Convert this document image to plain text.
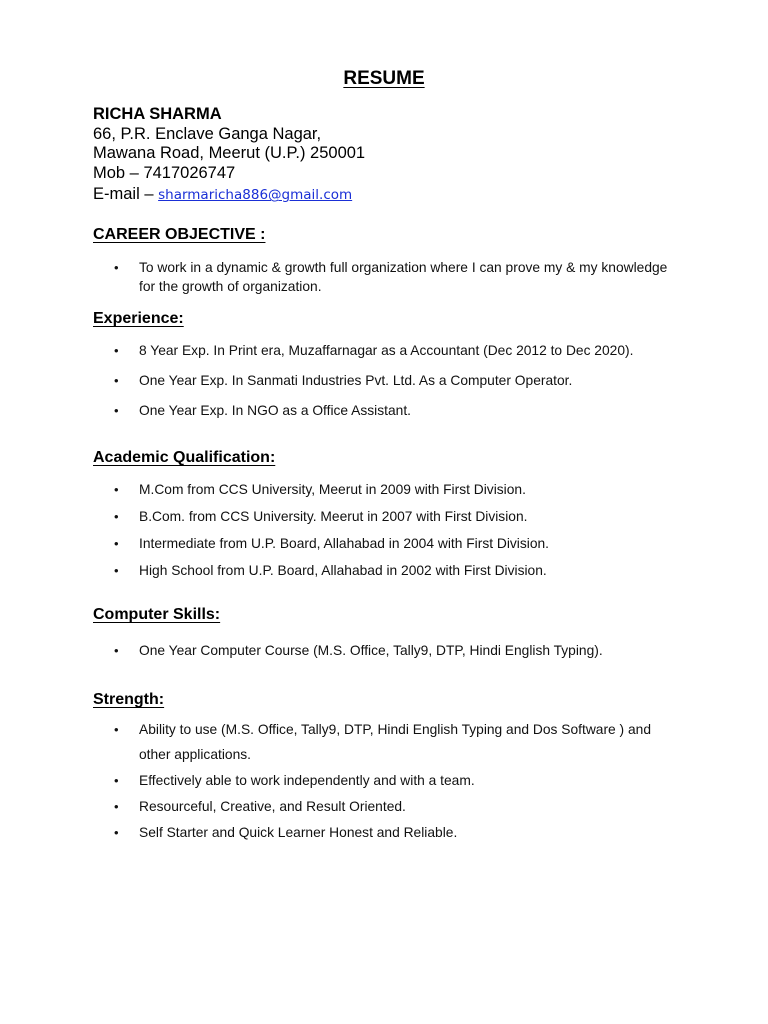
RESUME
RICHA SHARMA
66, P.R. Enclave Ganga Nagar,
Mawana Road, Meerut (U.P.) 250001
Mob – 7417026747
E-mail – sharmaricha886@gmail.com
CAREER OBJECTIVE :
• To work in a dynamic & growth full organization where I can prove my & my knowledge for the growth of organization.
Experience:
• 8 Year Exp. In Print era, Muzaffarnagar as a Accountant (Dec 2012 to Dec 2020).
• One Year Exp. In Sanmati Industries Pvt. Ltd. As a Computer Operator.
• One Year Exp. In NGO as a Office Assistant.
Academic Qualification:
• M.Com from CCS University, Meerut in 2009 with First Division.
• B.Com. from CCS University. Meerut in 2007 with First Division.
• Intermediate from U.P. Board, Allahabad in 2004 with First Division.
• High School from U.P. Board, Allahabad in 2002 with First Division.
Computer Skills:
• One Year Computer Course (M.S. Office, Tally9, DTP, Hindi English Typing).
Strength:
• Ability to use (M.S. Office, Tally9, DTP, Hindi English Typing and Dos Software ) and other applications.
• Effectively able to work independently and with a team.
• Resourceful, Creative, and Result Oriented.
• Self Starter and Quick Learner Honest and Reliable.
